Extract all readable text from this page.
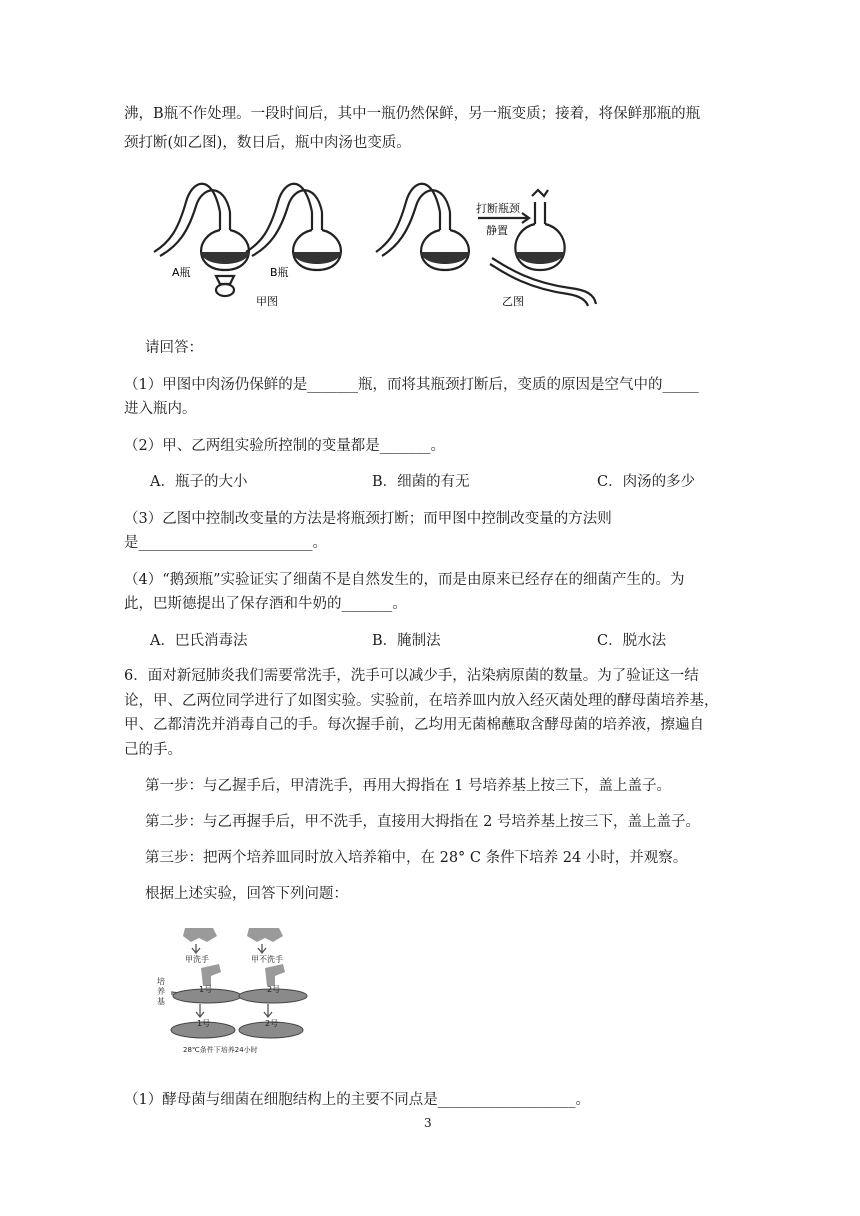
沸，B瓶不作处理。一段时间后，其中一瓶仍然保鲜，另一瓶变质；接着，将保鲜那瓶的瓶
颈打断(如乙图)，数日后，瓶中肉汤也变质。
A瓶	B瓶
甲图	乙图
打断瓶颈
静置
请回答：
（1）甲图中肉汤仍保鲜的是_______瓶，而将其瓶颈打断后，变质的原因是空气中的_____
进入瓶内。
（2）甲、乙两组实验所控制的变量都是_______。
A．瓶子的大小	B．细菌的有无	C．肉汤的多少
（3）乙图中控制改变量的方法是将瓶颈打断；而甲图中控制改变量的方法则
是________________________。
（4）“鹅颈瓶”实验证实了细菌不是自然发生的，而是由原来已经存在的细菌产生的。为
此，巴斯德提出了保存酒和牛奶的_______。
A．巴氏消毒法	B．腌制法	C．脱水法
6．面对新冠肺炎我们需要常洗手，洗手可以减少手，沾染病原菌的数量。为了验证这一结
论，甲、乙两位同学进行了如图实验。实验前，在培养皿内放入经灭菌处理的酵母菌培养基，
甲、乙都清洗并消毒自己的手。每次握手前，乙均用无菌棉蘸取含酵母菌的培养液，擦遍自
己的手。
第一步：与乙握手后，甲清洗手，再用大拇指在 1 号培养基上按三下，盖上盖子。
第二步：与乙再握手后，甲不洗手，直接用大拇指在 2 号培养基上按三下，盖上盖子。
第三步：把两个培养皿同时放入培养箱中，在 28° C 条件下培养 24 小时，并观察。
根据上述实验，回答下列问题：
甲洗手	甲不洗手
培
养
基
1号	2号
1号	2号
28℃条件下培养24小时
（1）酵母菌与细菌在细胞结构上的主要不同点是___________________。
3
